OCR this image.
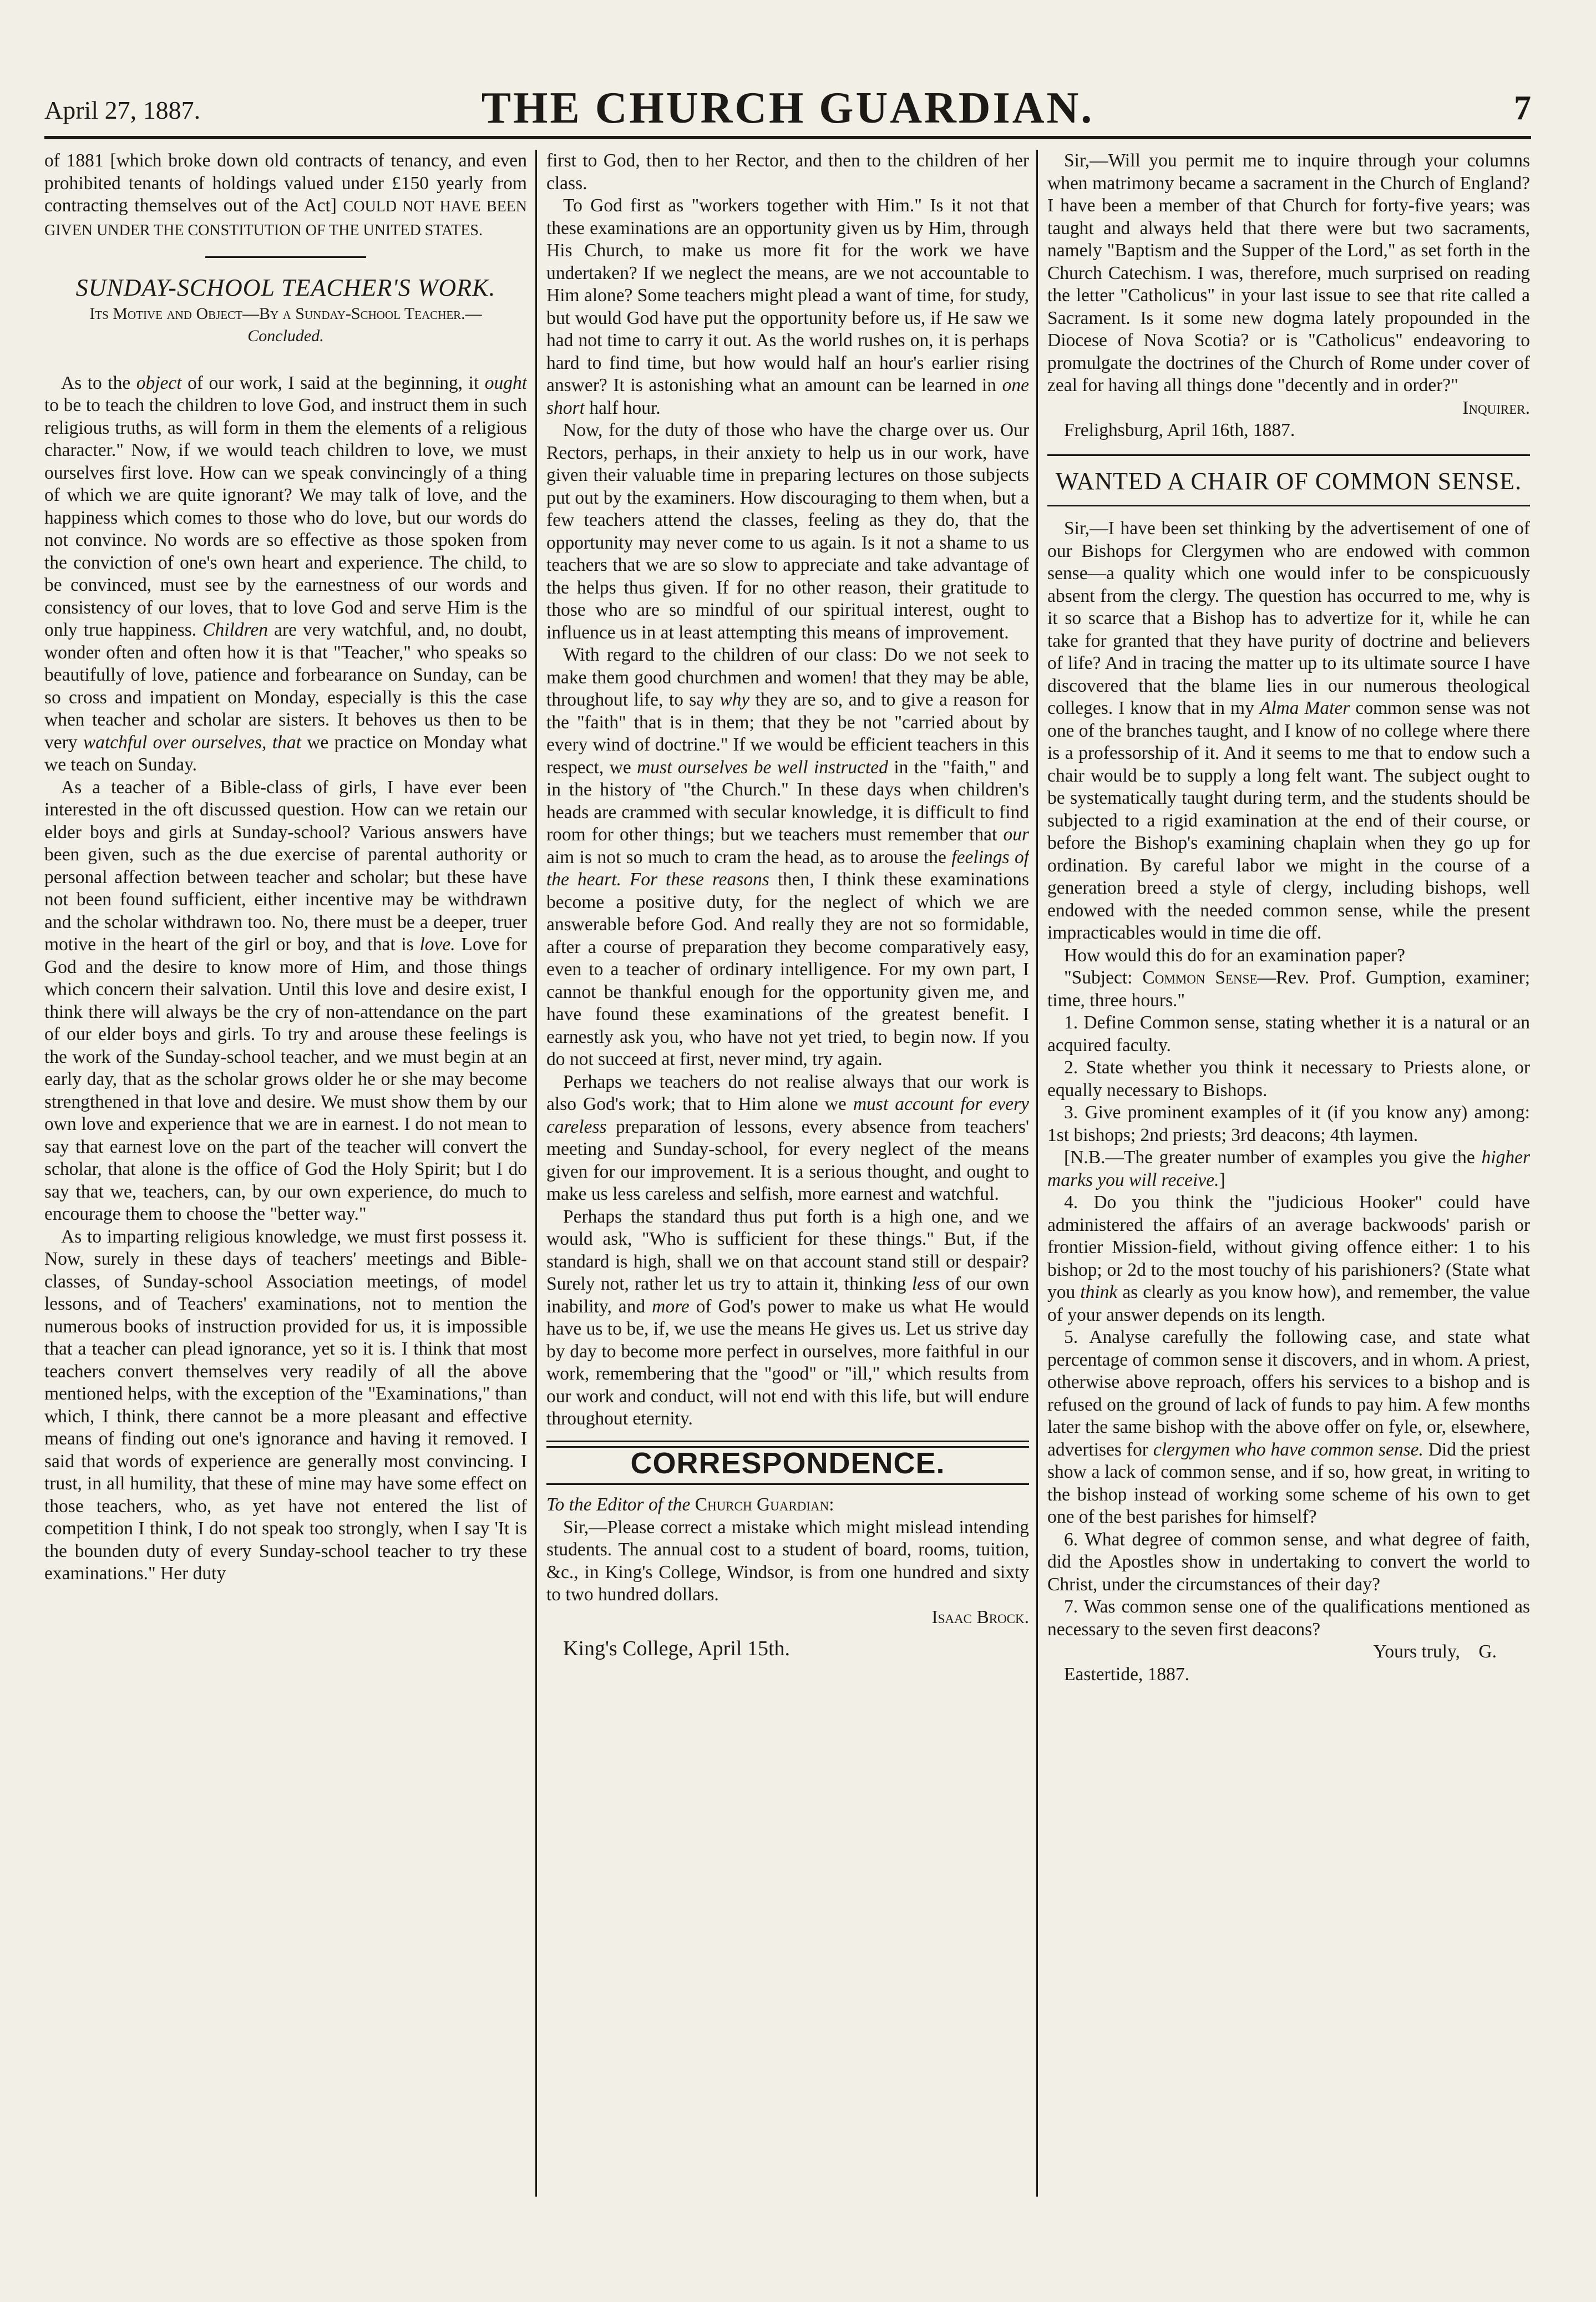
April 27, 1887.	THE CHURCH GUARDIAN.	7

of 1881 [which broke down old contracts of tenancy, and even prohibited tenants of holdings valued under £150 yearly from contracting themselves out of the Act] COULD NOT HAVE BEEN GIVEN UNDER THE CONSTITUTION OF THE UNITED STATES.

SUNDAY-SCHOOL TEACHER'S WORK.

Its Motive and Object—By a Sunday-School Teacher.—Concluded.

As to the object of our work, I said at the beginning, it ought to be to teach the children to love God, and instruct them in such religious truths, as will form in them the elements of a religious character." Now, if we would teach children to love, we must ourselves first love. How can we speak convincingly of a thing of which we are quite ignorant? We may talk of love, and the happiness which comes to those who do love, but our words do not convince. No words are so effective as those spoken from the conviction of one's own heart and experience. The child, to be convinced, must see by the earnestness of our words and consistency of our loves, that to love God and serve Him is the only true happiness. Children are very watchful, and, no doubt, wonder often and often how it is that "Teacher," who speaks so beautifully of love, patience and forbearance on Sunday, can be so cross and impatient on Monday, especially is this the case when teacher and scholar are sisters. It behoves us then to be very watchful over ourselves, that we practice on Monday what we teach on Sunday.

As a teacher of a Bible-class of girls, I have ever been interested in the oft discussed question. How can we retain our elder boys and girls at Sunday-school? Various answers have been given, such as the due exercise of parental authority or personal affection between teacher and scholar; but these have not been found sufficient, either incentive may be withdrawn and the scholar withdrawn too. No, there must be a deeper, truer motive in the heart of the girl or boy, and that is love. Love for God and the desire to know more of Him, and those things which concern their salvation. Until this love and desire exist, I think there will always be the cry of non-attendance on the part of our elder boys and girls. To try and arouse these feelings is the work of the Sunday-school teacher, and we must begin at an early day, that as the scholar grows older he or she may become strengthened in that love and desire. We must show them by our own love and experience that we are in earnest. I do not mean to say that earnest love on the part of the teacher will convert the scholar, that alone is the office of God the Holy Spirit; but I do say that we, teachers, can, by our own experience, do much to encourage them to choose the "better way."

As to imparting religious knowledge, we must first possess it. Now, surely in these days of teachers' meetings and Bible-classes, of Sunday-school Association meetings, of model lessons, and of Teachers' examinations, not to mention the numerous books of instruction provided for us, it is impossible that a teacher can plead ignorance, yet so it is. I think that most teachers convert themselves very readily of all the above mentioned helps, with the exception of the "Examinations," than which, I think, there cannot be a more pleasant and effective means of finding out one's ignorance and having it removed. I said that words of experience are generally most convincing. I trust, in all humility, that these of mine may have some effect on those teachers, who, as yet have not entered the list of competition I think, I do not speak too strongly, when I say 'It is the bounden duty of every Sunday-school teacher to try these examinations." Her duty

first to God, then to her Rector, and then to the children of her class.

To God first as "workers together with Him." Is it not that these examinations are an opportunity given us by Him, through His Church, to make us more fit for the work we have undertaken? If we neglect the means, are we not accountable to Him alone? Some teachers might plead a want of time, for study, but would God have put the opportunity before us, if He saw we had not time to carry it out. As the world rushes on, it is perhaps hard to find time, but how would half an hour's earlier rising answer? It is astonishing what an amount can be learned in one short half hour.

Now, for the duty of those who have the charge over us. Our Rectors, perhaps, in their anxiety to help us in our work, have given their valuable time in preparing lectures on those subjects put out by the examiners. How discouraging to them when, but a few teachers attend the classes, feeling as they do, that the opportunity may never come to us again. Is it not a shame to us teachers that we are so slow to appreciate and take advantage of the helps thus given. If for no other reason, their gratitude to those who are so mindful of our spiritual interest, ought to influence us in at least attempting this means of improvement.

With regard to the children of our class: Do we not seek to make them good churchmen and women! that they may be able, throughout life, to say why they are so, and to give a reason for the "faith" that is in them; that they be not "carried about by every wind of doctrine." If we would be efficient teachers in this respect, we must ourselves be well instructed in the "faith," and in the history of "the Church." In these days when children's heads are crammed with secular knowledge, it is difficult to find room for other things; but we teachers must remember that our aim is not so much to cram the head, as to arouse the feelings of the heart. For these reasons then, I think these examinations become a positive duty, for the neglect of which we are answerable before God. And really they are not so formidable, after a course of preparation they become comparatively easy, even to a teacher of ordinary intelligence. For my own part, I cannot be thankful enough for the opportunity given me, and have found these examinations of the greatest benefit. I earnestly ask you, who have not yet tried, to begin now. If you do not succeed at first, never mind, try again.

Perhaps we teachers do not realise always that our work is also God's work; that to Him alone we must account for every careless preparation of lessons, every absence from teachers' meeting and Sunday-school, for every neglect of the means given for our improvement. It is a serious thought, and ought to make us less careless and selfish, more earnest and watchful.

Perhaps the standard thus put forth is a high one, and we would ask, "Who is sufficient for these things." But, if the standard is high, shall we on that account stand still or despair? Surely not, rather let us try to attain it, thinking less of our own inability, and more of God's power to make us what He would have us to be, if, we use the means He gives us. Let us strive day by day to become more perfect in ourselves, more faithful in our work, remembering that the "good" or "ill," which results from our work and conduct, will not end with this life, but will endure throughout eternity.

CORRESPONDENCE.

To the Editor of the Church Guardian:

Sir,—Please correct a mistake which might mislead intending students. The annual cost to a student of board, rooms, tuition, &c., in King's College, Windsor, is from one hundred and sixty to two hundred dollars.

Isaac Brock.

King's College, April 15th.

Sir,—Will you permit me to inquire through your columns when matrimony became a sacrament in the Church of England? I have been a member of that Church for forty-five years; was taught and always held that there were but two sacraments, namely "Baptism and the Supper of the Lord," as set forth in the Church Catechism. I was, therefore, much surprised on reading the letter "Catholicus" in your last issue to see that rite called a Sacrament. Is it some new dogma lately propounded in the Diocese of Nova Scotia? or is "Catholicus" endeavoring to promulgate the doctrines of the Church of Rome under cover of zeal for having all things done "decently and in order?"

Inquirer.

Frelighsburg, April 16th, 1887.

WANTED A CHAIR OF COMMON SENSE.

Sir,—I have been set thinking by the advertisement of one of our Bishops for Clergymen who are endowed with common sense—a quality which one would infer to be conspicuously absent from the clergy. The question has occurred to me, why is it so scarce that a Bishop has to advertize for it, while he can take for granted that they have purity of doctrine and believers of life? And in tracing the matter up to its ultimate source I have discovered that the blame lies in our numerous theological colleges. I know that in my Alma Mater common sense was not one of the branches taught, and I know of no college where there is a professorship of it. And it seems to me that to endow such a chair would be to supply a long felt want. The subject ought to be systematically taught during term, and the students should be subjected to a rigid examination at the end of their course, or before the Bishop's examining chaplain when they go up for ordination. By careful labor we might in the course of a generation breed a style of clergy, including bishops, well endowed with the needed common sense, while the present impracticables would in time die off.

How would this do for an examination paper?

"Subject: Common Sense—Rev. Prof. Gumption, examiner; time, three hours."

1. Define Common sense, stating whether it is a natural or an acquired faculty.

2. State whether you think it necessary to Priests alone, or equally necessary to Bishops.

3. Give prominent examples of it (if you know any) among: 1st bishops; 2nd priests; 3rd deacons; 4th laymen.

[N.B.—The greater number of examples you give the higher marks you will receive.]

4. Do you think the "judicious Hooker" could have administered the affairs of an average backwoods' parish or frontier Mission-field, without giving offence either: 1 to his bishop; or 2d to the most touchy of his parishioners? (State what you think as clearly as you know how), and remember, the value of your answer depends on its length.

5. Analyse carefully the following case, and state what percentage of common sense it discovers, and in whom. A priest, otherwise above reproach, offers his services to a bishop and is refused on the ground of lack of funds to pay him. A few months later the same bishop with the above offer on fyle, or, elsewhere, advertises for clergymen who have common sense. Did the priest show a lack of common sense, and if so, how great, in writing to the bishop instead of working some scheme of his own to get one of the best parishes for himself?

6. What degree of common sense, and what degree of faith, did the Apostles show in undertaking to convert the world to Christ, under the circumstances of their day?

7. Was common sense one of the qualifications mentioned as necessary to the seven first deacons?

Yours truly, G.

Eastertide, 1887.
